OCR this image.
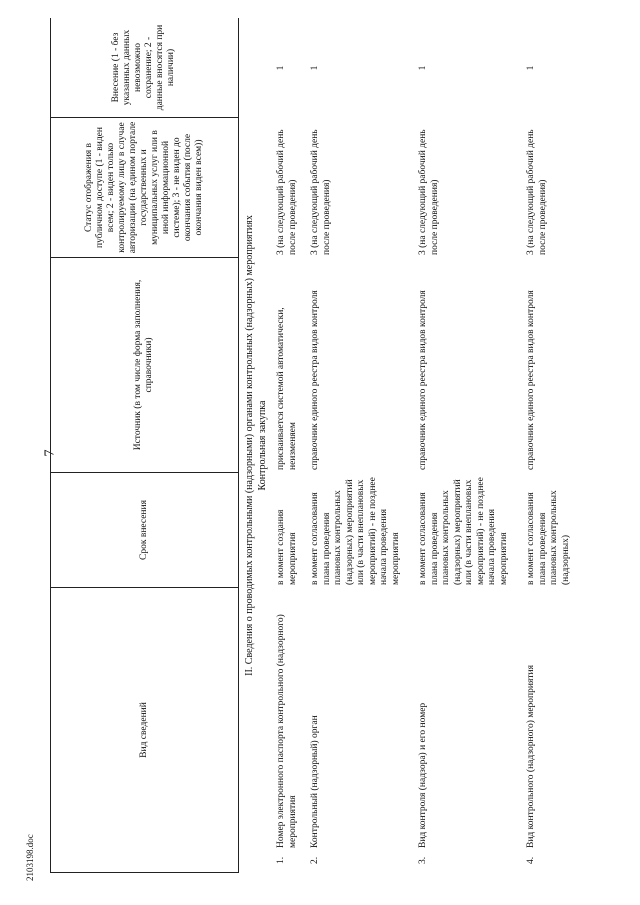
7
2103198.doc
Вид сведений
Срок внесения
Источник (в том числе форма заполнения, справочники)
Статус отображения в публичном доступе (1 - виден всем; 2 - виден только контролируемому лицу в случае авторизации (на едином портале государственных и муниципальных услуг или в иной информационной системе); 3 - не виден до окончания события (после окончания виден всем))
Внесение (1 - без указанных данных невозможно сохранение; 2 - данные вносятся при наличии)
II. Сведения о проводимых контрольными (надзорными) органами контрольных (надзорных) мероприятиях Контрольная закупка
1.
Номер электронного паспорта контрольного (надзорного) мероприятия
в момент создания мероприятия
присваивается системой автоматически, неизменяем
3 (на следующий рабочий день после проведения)
1
2.
Контрольный (надзорный) орган
в момент согласования плана проведения плановых контрольных (надзорных) мероприятий или (в части внеплановых мероприятий) - не позднее начала проведения мероприятия
справочник единого реестра видов контроля
3 (на следующий рабочий день после проведения)
1
3.
Вид контроля (надзора) и его номер
в момент согласования плана проведения плановых контрольных (надзорных) мероприятий или (в части внеплановых мероприятий) - не позднее начала проведения мероприятия
справочник единого реестра видов контроля
3 (на следующий рабочий день после проведения)
1
4.
Вид контрольного (надзорного) мероприятия
в момент согласования плана проведения плановых контрольных (надзорных)
справочник единого реестра видов контроля
3 (на следующий рабочий день после проведения)
1
